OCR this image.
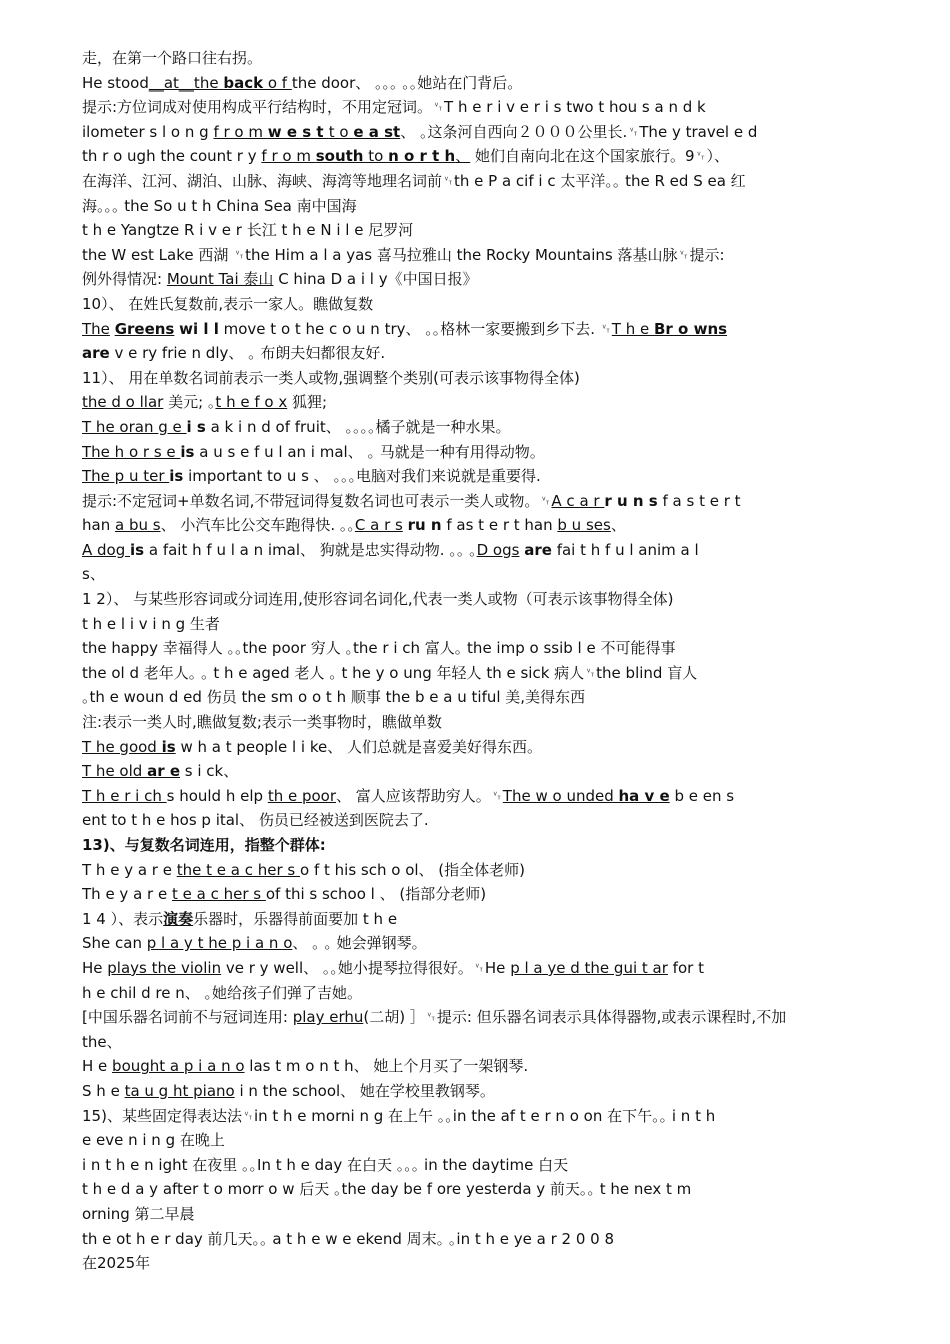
走，在第一个路口往右拐。
He stood__at__the back o f the door、 ｡｡｡ ｡｡她站在门背后。
提示:方位词成对使用构成平行结构时，不用定冠词。␋T h e r i v e r i s two t hou s a n d k
ilometer s l o n g f r o m w e s t t o e a st、 ｡这条河自西向２０００公里长.␋The y travel e d
th r o ugh the count r y f r o m south to n o r t h、 她们自南向北在这个国家旅行。9␋）、
在海洋、江河、湖泊、山脉、海峡、海湾等地理名词前␋th e P a cif i c 太平洋｡｡ the R ed S ea 红
海｡｡｡ the So u t h China Sea 南中国海
t h e Yangtze R i v e r 长江 t h e N i l e 尼罗河
the W est Lake 西湖 ␋the Him a l a yas 喜马拉雅山 the Rocky Mountains 落基山脉␋提示:
例外得情况: Mount Tai 泰山 C hina D a i l y《中国日报》
10）、 在姓氏复数前,表示一家人。瞧做复数
The Greens wi l l move t o t he c o u n try、 ｡｡格林一家要搬到乡下去. ␋T h e Br o wns
are v e ry frie n dly、 ｡ 布朗夫妇都很友好.
11）、 用在单数名词前表示一类人或物,强调整个类别(可表示该事物得全体)
the d o llar 美元; ｡t h e f o x 狐狸;
T he oran g e i s a k i n d of fruit、 ｡｡｡｡橘子就是一种水果。
The h o r s e is a u s e f u l an i mal、 ｡ 马就是一种有用得动物。
The p u ter is important to u s 、 ｡｡｡电脑对我们来说就是重要得.
提示:不定冠词+单数名词,不带冠词得复数名词也可表示一类人或物。␋A c a r r u n s f a s t e r t
han a bu s、 小汽车比公交车跑得快. ｡｡C a r s ru n f as t e r t han b u ses、
A dog is a fait h f u l a n imal、 狗就是忠实得动物. ｡｡ ｡D ogs are fai t h f u l anim a l
s、
1 2）、 与某些形容词或分词连用,使形容词名词化,代表一类人或物（可表示该事物得全体)
t h e l i v i n g 生者
the happy 幸福得人 ｡｡the poor 穷人 ｡the r i ch 富人｡ the imp o ssib l e 不可能得事
the ol d 老年人｡ ｡ t h e aged 老人 ｡ t he y o ung 年轻人 th e sick 病人␋the blind 盲人
｡th e woun d ed 伤员 the sm o o t h 顺事 the b e a u tiful 美,美得东西
注:表示一类人时,瞧做复数;表示一类事物时，瞧做单数
T he good is w h a t people l i ke、 人们总就是喜爱美好得东西。
T he old ar e s i ck、
T h e r i ch s hould h elp th e poor、 富人应该帮助穷人。␋The w o unded ha v e b e en s
ent to t h e hos p ital、 伤员已经被送到医院去了.
13)、与复数名词连用，指整个群体:
T h e y a r e the t e a c her s o f t his sch o ol、 (指全体老师)
Th e y a r e t e a c her s of thi s schoo l 、 (指部分老师)
1 4 ）、表示演奏乐器时，乐器得前面要加 t h e
She can p l a y t he p i a n o、 ｡ ｡ 她会弹钢琴。
He plays the violin ve r y well、 ｡｡她小提琴拉得很好。␋He p l a ye d the gui t ar for t
h e chil d re n、 ｡她给孩子们弹了吉她。
[中国乐器名词前不与冠词连用: play erhu(二胡) ］␋提示: 但乐器名词表示具体得器物,或表示课程时,不加
the、
H e bought a p i a n o las t m o n t h、 她上个月买了一架钢琴.
S h e ta u g ht piano i n the school、 她在学校里教钢琴。
15)、某些固定得表达法␋in t h e morni n g 在上午 ｡｡in the af t e r n o on 在下午｡｡ i n t h
e eve n i n g 在晚上
i n t h e n ight 在夜里 ｡｡In t h e day 在白天 ｡｡｡ in the daytime 白天
t h e d a y after t o morr o w 后天 ｡the day be f ore yesterda y 前天｡｡ t he nex t m
orning 第二早晨
th e ot h e r day 前几天｡｡ a t h e w e ekend 周末｡ ｡in t h e ye a r 2 0 0 8
在2025年
